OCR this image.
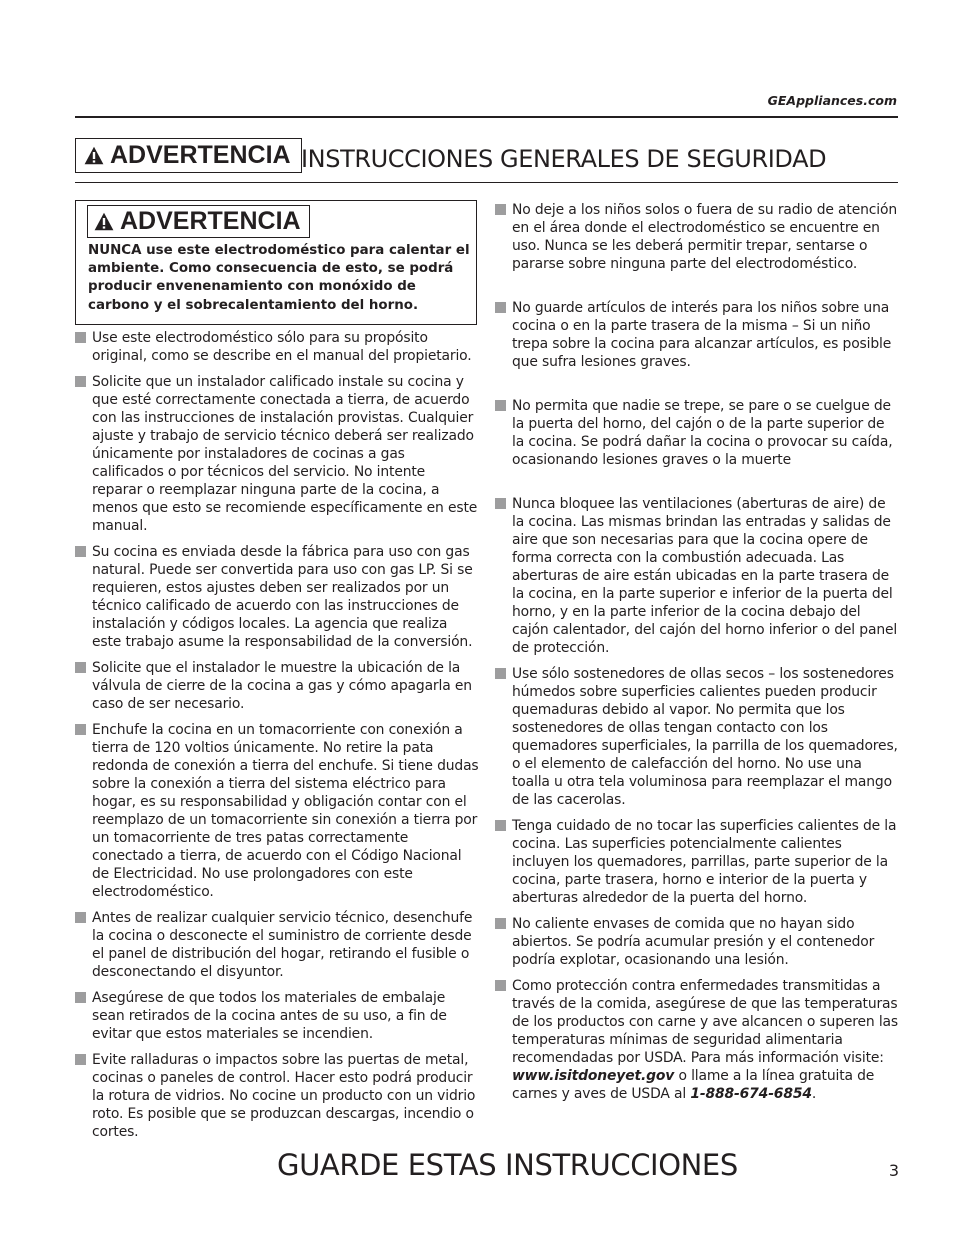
GEAppliances.com
ADVERTENCIA INSTRUCCIONES GENERALES DE SEGURIDAD
ADVERTENCIA
NUNCA use este electrodoméstico para calentar el ambiente. Como consecuencia de esto, se podrá producir envenenamiento con monóxido de carbono y el sobrecalentamiento del horno.
Use este electrodoméstico sólo para su propósito original, como se describe en el manual del propietario.
Solicite que un instalador calificado instale su cocina y que esté correctamente conectada a tierra, de acuerdo con las instrucciones de instalación provistas. Cualquier ajuste y trabajo de servicio técnico deberá ser realizado únicamente por instaladores de cocinas a gas calificados o por técnicos del servicio. No intente reparar o reemplazar ninguna parte de la cocina, a menos que esto se recomiende específicamente en este manual.
Su cocina es enviada desde la fábrica para uso con gas natural. Puede ser convertida para uso con gas LP. Si se requieren, estos ajustes deben ser realizados por un técnico calificado de acuerdo con las instrucciones de instalación y códigos locales. La agencia que realiza este trabajo asume la responsabilidad de la conversión.
Solicite que el instalador le muestre la ubicación de la válvula de cierre de la cocina a gas y cómo apagarla en caso de ser necesario.
Enchufe la cocina en un tomacorriente con conexión a tierra de 120 voltios únicamente. No retire la pata redonda de conexión a tierra del enchufe. Si tiene dudas sobre la conexión a tierra del sistema eléctrico para hogar, es su responsabilidad y obligación contar con el reemplazo de un tomacorriente sin conexión a tierra por un tomacorriente de tres patas correctamente conectado a tierra, de acuerdo con el Código Nacional de Electricidad. No use prolongadores con este electrodoméstico.
Antes de realizar cualquier servicio técnico, desenchufe la cocina o desconecte el suministro de corriente desde el panel de distribución del hogar, retirando el fusible o desconectando el disyuntor.
Asegúrese de que todos los materiales de embalaje sean retirados de la cocina antes de su uso, a fin de evitar que estos materiales se incendien.
Evite ralladuras o impactos sobre las puertas de metal, cocinas o paneles de control. Hacer esto podrá producir la rotura de vidrios. No cocine un producto con un vidrio roto. Es posible que se produzcan descargas, incendio o cortes.
No deje a los niños solos o fuera de su radio de atención en el área donde el electrodoméstico se encuentre en uso. Nunca se les deberá permitir trepar, sentarse o pararse sobre ninguna parte del electrodoméstico.
No guarde artículos de interés para los niños sobre una cocina o en la parte trasera de la misma – Si un niño trepa sobre la cocina para alcanzar artículos, es posible que sufra lesiones graves.
No permita que nadie se trepe, se pare o se cuelgue de la puerta del horno, del cajón o de la parte superior de la cocina. Se podrá dañar la cocina o provocar su caída, ocasionando lesiones graves o la muerte
Nunca bloquee las ventilaciones (aberturas de aire) de la cocina. Las mismas brindan las entradas y salidas de aire que son necesarias para que la cocina opere de forma correcta con la combustión adecuada. Las aberturas de aire están ubicadas en la parte trasera de la cocina, en la parte superior e inferior de la puerta del horno, y en la parte inferior de la cocina debajo del cajón calentador, del cajón del horno inferior o del panel de protección.
Use sólo sostenedores de ollas secos – los sostenedores húmedos sobre superficies calientes pueden producir quemaduras debido al vapor. No permita que los sostenedores de ollas tengan contacto con los quemadores superficiales, la parrilla de los quemadores, o el elemento de calefacción del horno. No use una toalla u otra tela voluminosa para reemplazar el mango de las cacerolas.
Tenga cuidado de no tocar las superficies calientes de la cocina. Las superficies potencialmente calientes incluyen los quemadores, parrillas, parte superior de la cocina, parte trasera, horno e interior de la puerta y aberturas alrededor de la puerta del horno.
No caliente envases de comida que no hayan sido abiertos. Se podría acumular presión y el contenedor podría explotar, ocasionando una lesión.
Como protección contra enfermedades transmitidas a través de la comida, asegúrese de que las temperaturas de los productos con carne y ave alcancen o superen las temperaturas mínimas de seguridad alimentaria recomendadas por USDA. Para más información visite: www.isitdoneyet.gov o llame a la línea gratuita de carnes y aves de USDA al 1-888-674-6854.
GUARDE ESTAS INSTRUCCIONES	3
